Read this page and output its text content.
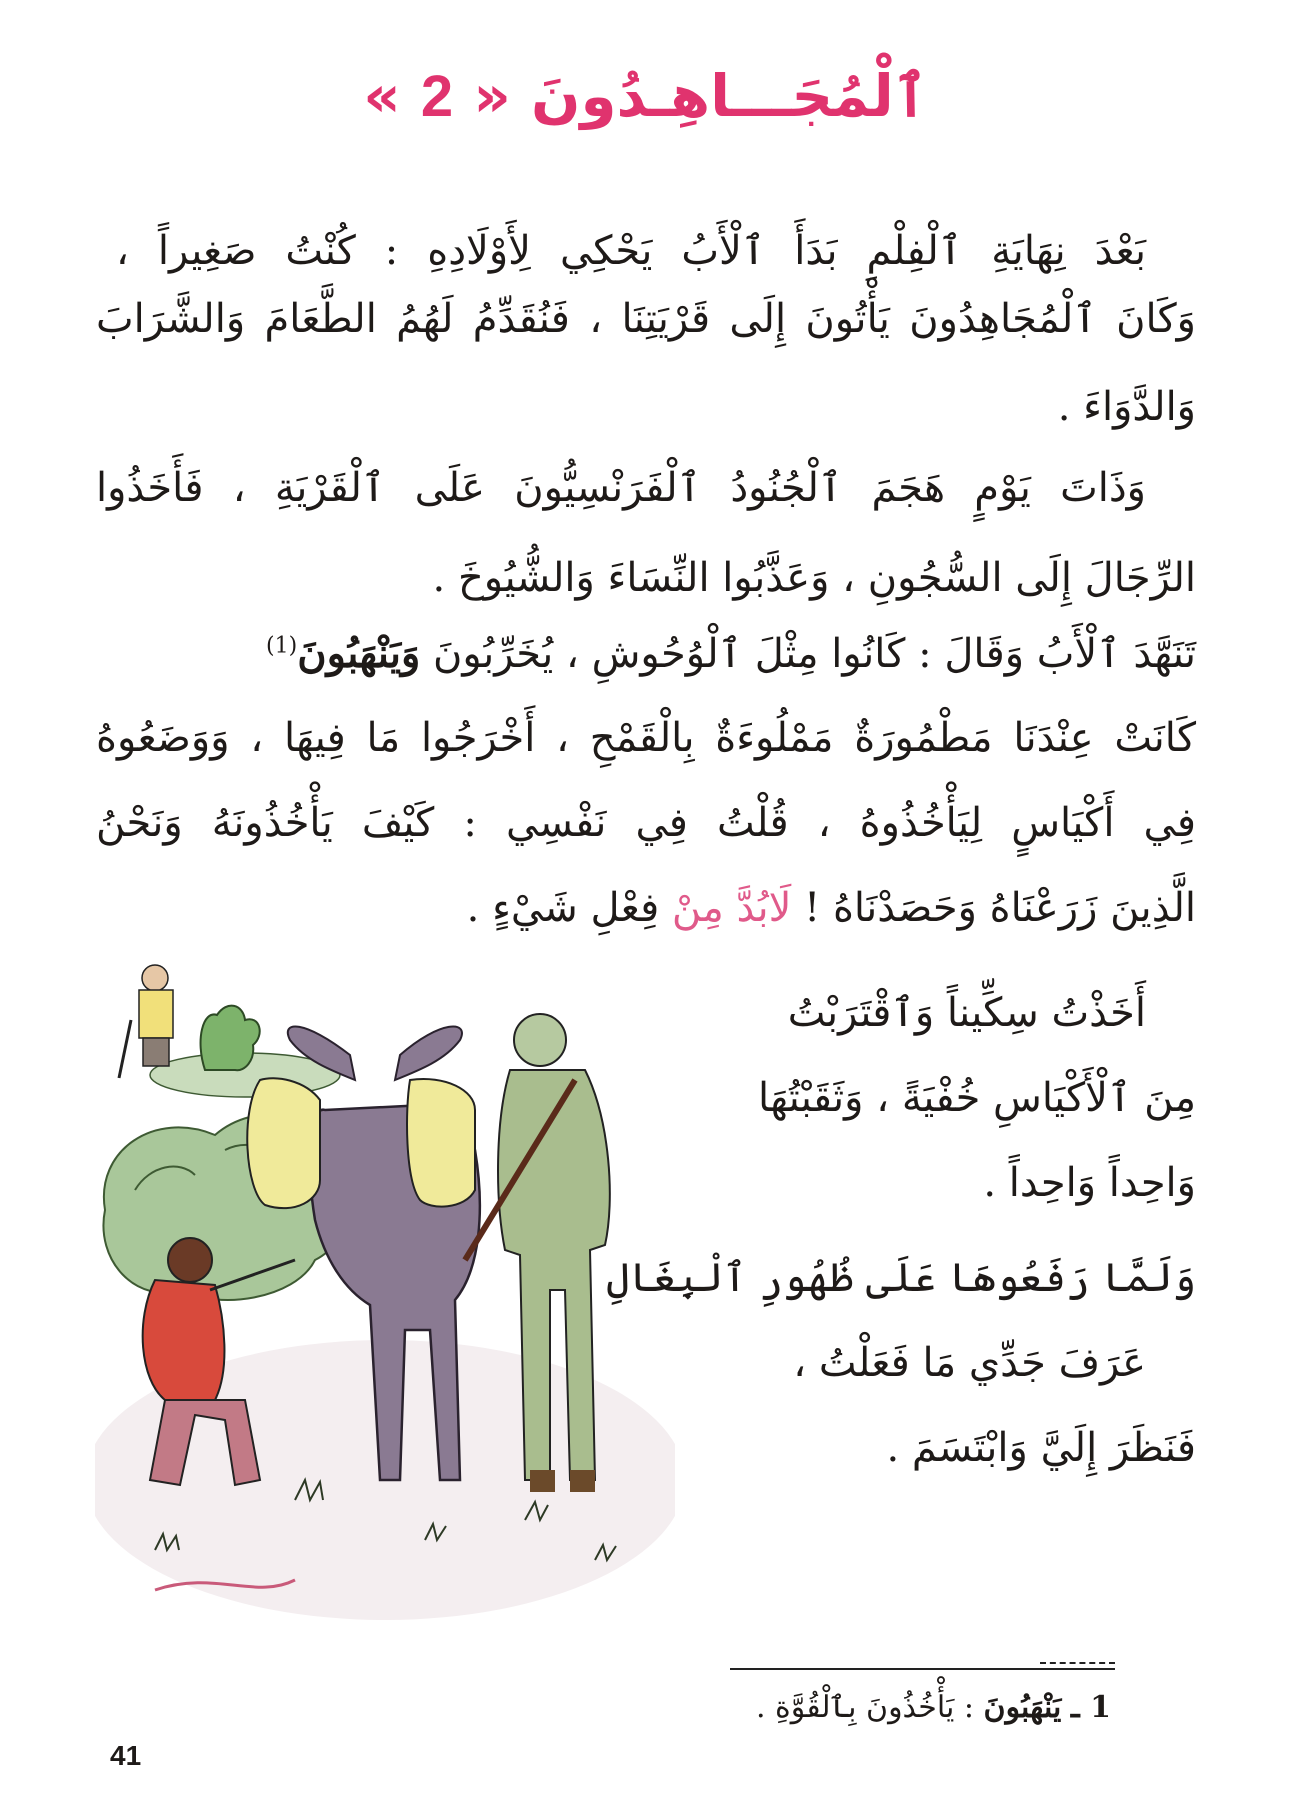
ٱلْمُجَـــاهِـدُونَ « 2 »
بَعْدَ نِهَايَةِ ٱلْفِلْمِ بَدَأَ ٱلْأَبُ يَحْكِي لِأَوْلَادِهِ : كُنْتُ صَغِيراً ،
وَكَانَ ٱلْمُجَاهِدُونَ يَأْتُونَ إِلَى قَرْيَتِنَا ، فَنُقَدِّمُ لَهُمُ الطَّعَامَ وَالشَّرَابَ
وَالدَّوَاءَ .
وَذَاتَ يَوْمٍ هَجَمَ ٱلْجُنُودُ ٱلْفَرَنْسِيُّونَ عَلَى ٱلْقَرْيَةِ ، فَأَخَذُوا
الرِّجَالَ إِلَى السُّجُونِ ، وَعَذَّبُوا النِّسَاءَ وَالشُّيُوخَ .
تَنَهَّدَ ٱلْأَبُ وَقَالَ : كَانُوا مِثْلَ ٱلْوُحُوشِ ، يُخَرِّبُونَ وَيَنْهَبُونَ$^{(1)}$
كَانَتْ عِنْدَنَا مَطْمُورَةٌ مَمْلُوءَةٌ بِالْقَمْحِ ، أَخْرَجُوا مَا فِيهَا ، وَوَضَعُوهُ
فِي أَكْيَاسٍ لِيَأْخُذُوهُ ، قُلْتُ فِي نَفْسِي : كَيْفَ يَأْخُذُونَهُ وَنَحْنُ
الَّذِينَ زَرَعْنَاهُ وَحَصَدْنَاهُ ! لَابُدَّ مِنْ فِعْلِ شَيْءٍ .
أَخَذْتُ سِكِّيناً وَٱقْتَرَبْتُ
مِنَ ٱلْأَكْيَاسِ خُفْيَةً ، وَثَقَبْتُهَا
وَاحِداً وَاحِداً .
وَلَمَّا رَفَعُوهَا عَلَى ظُهُورِ ٱلْبِغَالِ
عَرَفَ جَدِّي مَا فَعَلْتُ ،
فَنَظَرَ إِلَيَّ وَابْتَسَمَ .
1 ـ يَنْهَبُونَ : يَأْخُذُونَ بِٱلْقُوَّةِ .
41
